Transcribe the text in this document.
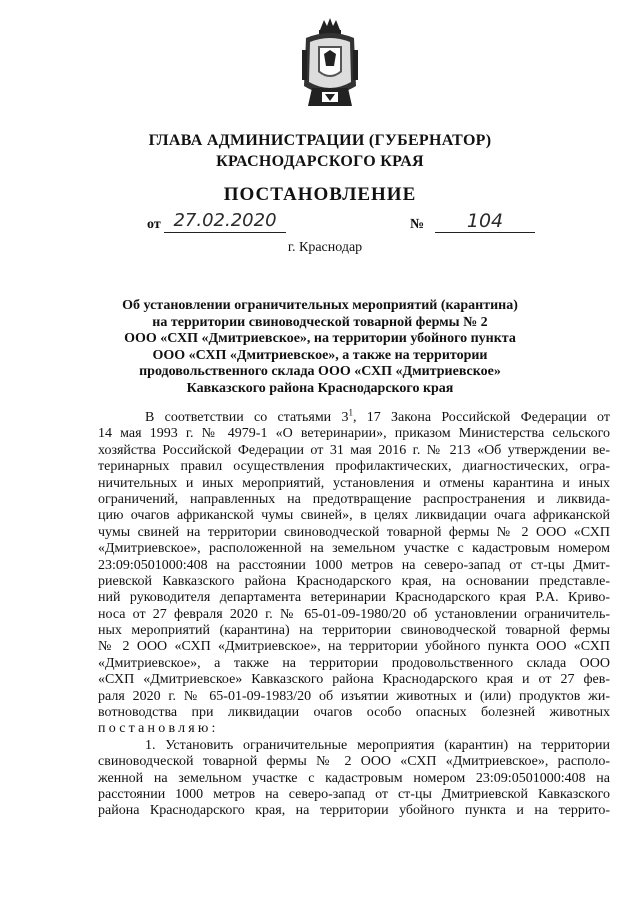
ГЛАВА АДМИНИСТРАЦИИ (ГУБЕРНАТОР)
КРАСНОДАРСКОГО КРАЯ
ПОСТАНОВЛЕНИЕ
от 27.02.2020	№	104
г. Краснодар
Об установлении ограничительных мероприятий (карантина)
на территории свиноводческой товарной фермы № 2
ООО «СХП «Дмитриевское», на территории убойного пункта
ООО «СХП «Дмитриевское», а также на территории
продовольственного склада ООО «СХП «Дмитриевское»
Кавказского района Краснодарского края
В соответствии со статьями $3^1$, 17 Закона Российской Федерации от
14 мая 1993 г. № 4979-1 «О ветеринарии», приказом Министерства сельского
хозяйства Российской Федерации от 31 мая 2016 г. № 213 «Об утверждении ве-
теринарных правил осуществления профилактических, диагностических, огра-
ничительных и иных мероприятий, установления и отмены карантина и иных
ограничений, направленных на предотвращение распространения и ликвида-
цию очагов африканской чумы свиней», в целях ликвидации очага африканской
чумы свиней на территории свиноводческой товарной фермы № 2 ООО «СХП
«Дмитриевское», расположенной на земельном участке с кадастровым номером
23:09:0501000:408 на расстоянии 1000 метров на северо-запад от ст-цы Дмит-
риевской Кавказского района Краснодарского края, на основании представле-
ний руководителя департамента ветеринарии Краснодарского края Р.А. Криво-
носа от 27 февраля 2020 г. № 65-01-09-1980/20 об установлении ограничитель-
ных мероприятий (карантина) на территории свиноводческой товарной фермы
№ 2 ООО «СХП «Дмитриевское», на территории убойного пункта ООО «СХП
«Дмитриевское», а также на территории продовольственного склада ООО
«СХП «Дмитриевское» Кавказского района Краснодарского края и от 27 фев-
раля 2020 г. № 65-01-09-1983/20 об изъятии животных и (или) продуктов жи-
вотноводства при ликвидации очагов особо опасных болезней животных
постановляю:
1. Установить ограничительные мероприятия (карантин) на территории
свиноводческой товарной фермы № 2 ООО «СХП «Дмитриевское», располо-
женной на земельном участке с кадастровым номером 23:09:0501000:408 на
расстоянии 1000 метров на северо-запад от ст-цы Дмитриевской Кавказского
района Краснодарского края, на территории убойного пункта и на террито-
